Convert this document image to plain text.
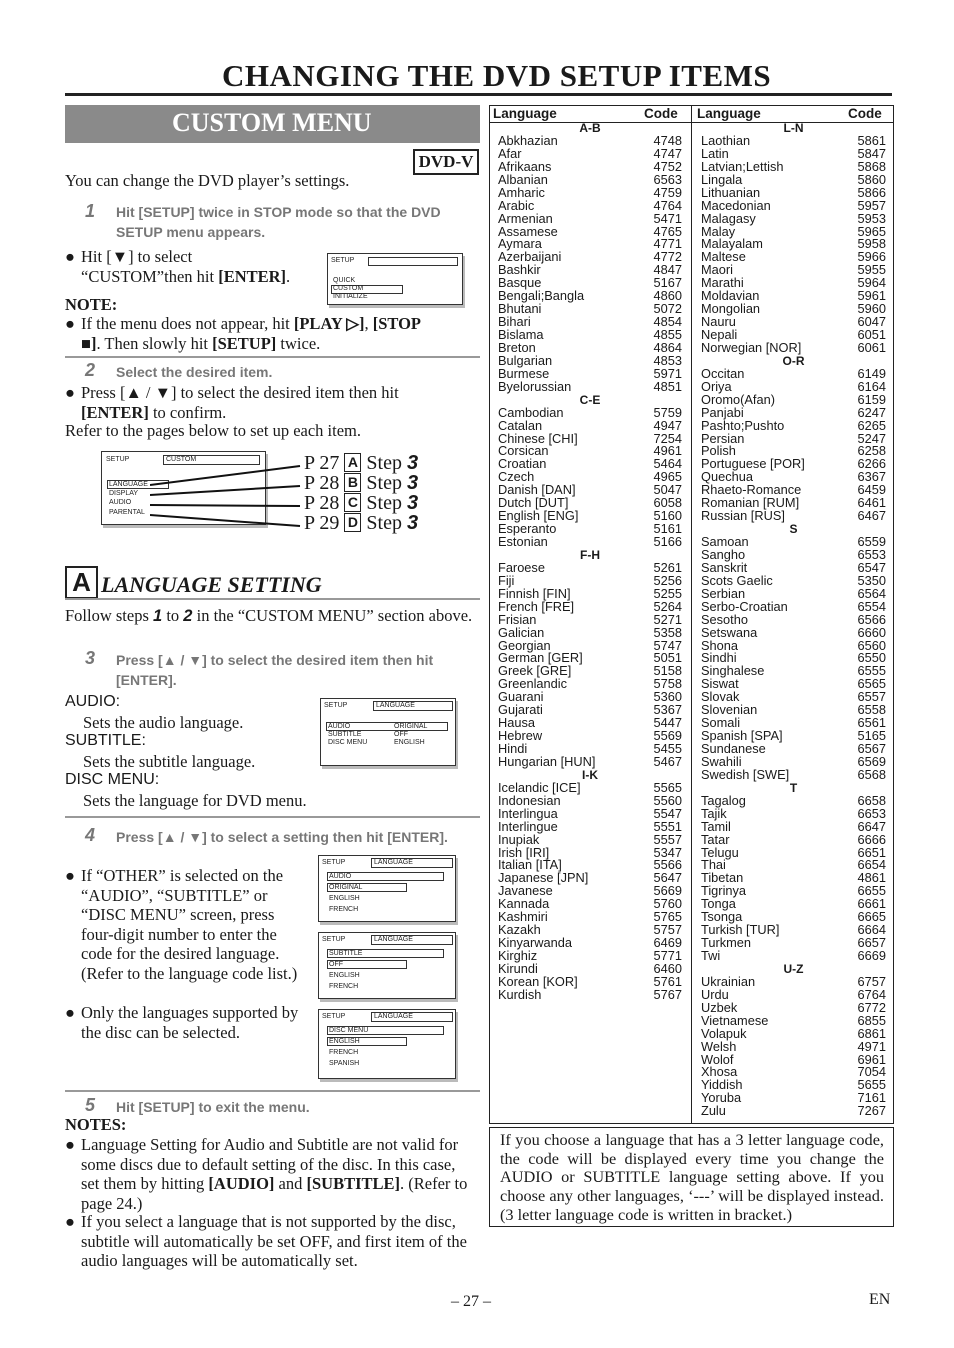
CHANGING THE DVD SETUP ITEMS
CUSTOM MENU
DVD-V
You can change the DVD player’s settings.
1 Hit [SETUP] twice in STOP mode so that the DVD SETUP menu appears.
● Hit [▼] to select
“CUSTOM”then hit [ENTER].
SETUP
QUICK
CUSTOM
INITIALIZE
NOTE:
● If the menu does not appear, hit [PLAY ▷], [STOP
■]. Then slowly hit [SETUP] twice.
2 Select the desired item.
● Press [▲ / ▼] to select the desired item then hit
[ENTER] to confirm.
Refer to the pages below to set up each item.
SETUP	CUSTOM
LANGUAGE
DISPLAY
AUDIO
PARENTAL
P 27 A Step 3
P 28 B Step 3
P 28 C Step 3
P 29 D Step 3
A LANGUAGE SETTING
Follow steps 1 to 2 in the “CUSTOM MENU” section above.
3 Press [▲ / ▼] to select the desired item then hit [ENTER].
AUDIO:
Sets the audio language.
SUBTITLE:
Sets the subtitle language.
DISC MENU:
Sets the language for DVD menu.
SETUP	LANGUAGE
AUDIO	ORIGINAL
SUBTITLE	OFF
DISC MENU	ENGLISH
4 Press [▲ / ▼] to select a setting then hit [ENTER].
● If “OTHER” is selected on the “AUDIO”, “SUBTITLE” or “DISC MENU” screen, press four-digit number to enter the code for the desired language. (Refer to the language code list.)
● Only the languages supported by the disc can be selected.
SETUP	LANGUAGE
AUDIO
ORIGINAL
ENGLISH
FRENCH
SETUP	LANGUAGE
SUBTITLE
OFF
ENGLISH
FRENCH
SETUP	LANGUAGE
DISC MENU
ENGLISH
FRENCH
SPANISH
5 Hit [SETUP] to exit the menu.
NOTES:
● Language Setting for Audio and Subtitle are not valid for some discs due to default setting of the disc. In this case, set them by hitting [AUDIO] and [SUBTITLE]. (Refer to page 24.)
● If you select a language that is not supported by the disc, subtitle will automatically be set OFF, and first item of the audio languages will be automatically set.
Language	Code Language	Code
A-B
Abkhazian	4748
Afar	4747
Afrikaans	4752
Albanian	6563
Amharic	4759
Arabic	4764
Armenian	5471
Assamese	4765
Aymara	4771
Azerbaijani	4772
Bashkir	4847
Basque	5167
Bengali;Bangla	4860
Bhutani	5072
Bihari	4854
Bislama	4855
Breton	4864
Bulgarian	4853
Burmese	5971
Byelorussian	4851
C-E
Cambodian	5759
Catalan	4947
Chinese [CHI]	7254
Corsican	4961
Croatian	5464
Czech	4965
Danish [DAN]	5047
Dutch [DUT]	6058
English [ENG]	5160
Esperanto	5161
Estonian	5166
F-H
Faroese	5261
Fiji	5256
Finnish [FIN]	5255
French [FRE]	5264
Frisian	5271
Galician	5358
Georgian	5747
German [GER]	5051
Greek [GRE]	5158
Greenlandic	5758
Guarani	5360
Gujarati	5367
Hausa	5447
Hebrew	5569
Hindi	5455
Hungarian [HUN]	5467
I-K
Icelandic [ICE]	5565
Indonesian	5560
Interlingua	5547
Interlingue	5551
Inupiak	5557
Irish [IRI]	5347
Italian [ITA]	5566
Japanese [JPN]	5647
Javanese	5669
Kannada	5760
Kashmiri	5765
Kazakh	5757
Kinyarwanda	6469
Kirghiz	5771
Kirundi	6460
Korean [KOR]	5761
Kurdish	5767
L-N
Laothian	5861
Latin	5847
Latvian;Lettish	5868
Lingala	5860
Lithuanian	5866
Macedonian	5957
Malagasy	5953
Malay	5965
Malayalam	5958
Maltese	5966
Maori	5955
Marathi	5964
Moldavian	5961
Mongolian	5960
Nauru	6047
Nepali	6051
Norwegian [NOR]	6061
O-R
Occitan	6149
Oriya	6164
Oromo(Afan)	6159
Panjabi	6247
Pashto;Pushto	6265
Persian	5247
Polish	6258
Portuguese [POR]	6266
Quechua	6367
Rhaeto-Romance	6459
Romanian [RUM]	6461
Russian [RUS]	6467
S
Samoan	6559
Sangho	6553
Sanskrit	6547
Scots Gaelic	5350
Serbian	6564
Serbo-Croatian	6554
Sesotho	6566
Setswana	6660
Shona	6560
Sindhi	6550
Singhalese	6555
Siswat	6565
Slovak	6557
Slovenian	6558
Somali	6561
Spanish [SPA]	5165
Sundanese	6567
Swahili	6569
Swedish [SWE]	6568
T
Tagalog	6658
Tajik	6653
Tamil	6647
Tatar	6666
Telugu	6651
Thai	6654
Tibetan	4861
Tigrinya	6655
Tonga	6661
Tsonga	6665
Turkish [TUR]	6664
Turkmen	6657
Twi	6669
U-Z
Ukrainian	6757
Urdu	6764
Uzbek	6772
Vietnamese	6855
Volapuk	6861
Welsh	4971
Wolof	6961
Xhosa	7054
Yiddish	5655
Yoruba	7161
Zulu	7267

If you choose a language that has a 3 letter language code, the code will be displayed every time you change the AUDIO or SUBTITLE language setting above. If you choose any other languages, ‘---’ will be displayed instead. (3 letter language code is written in bracket.)

– 27 –	EN
